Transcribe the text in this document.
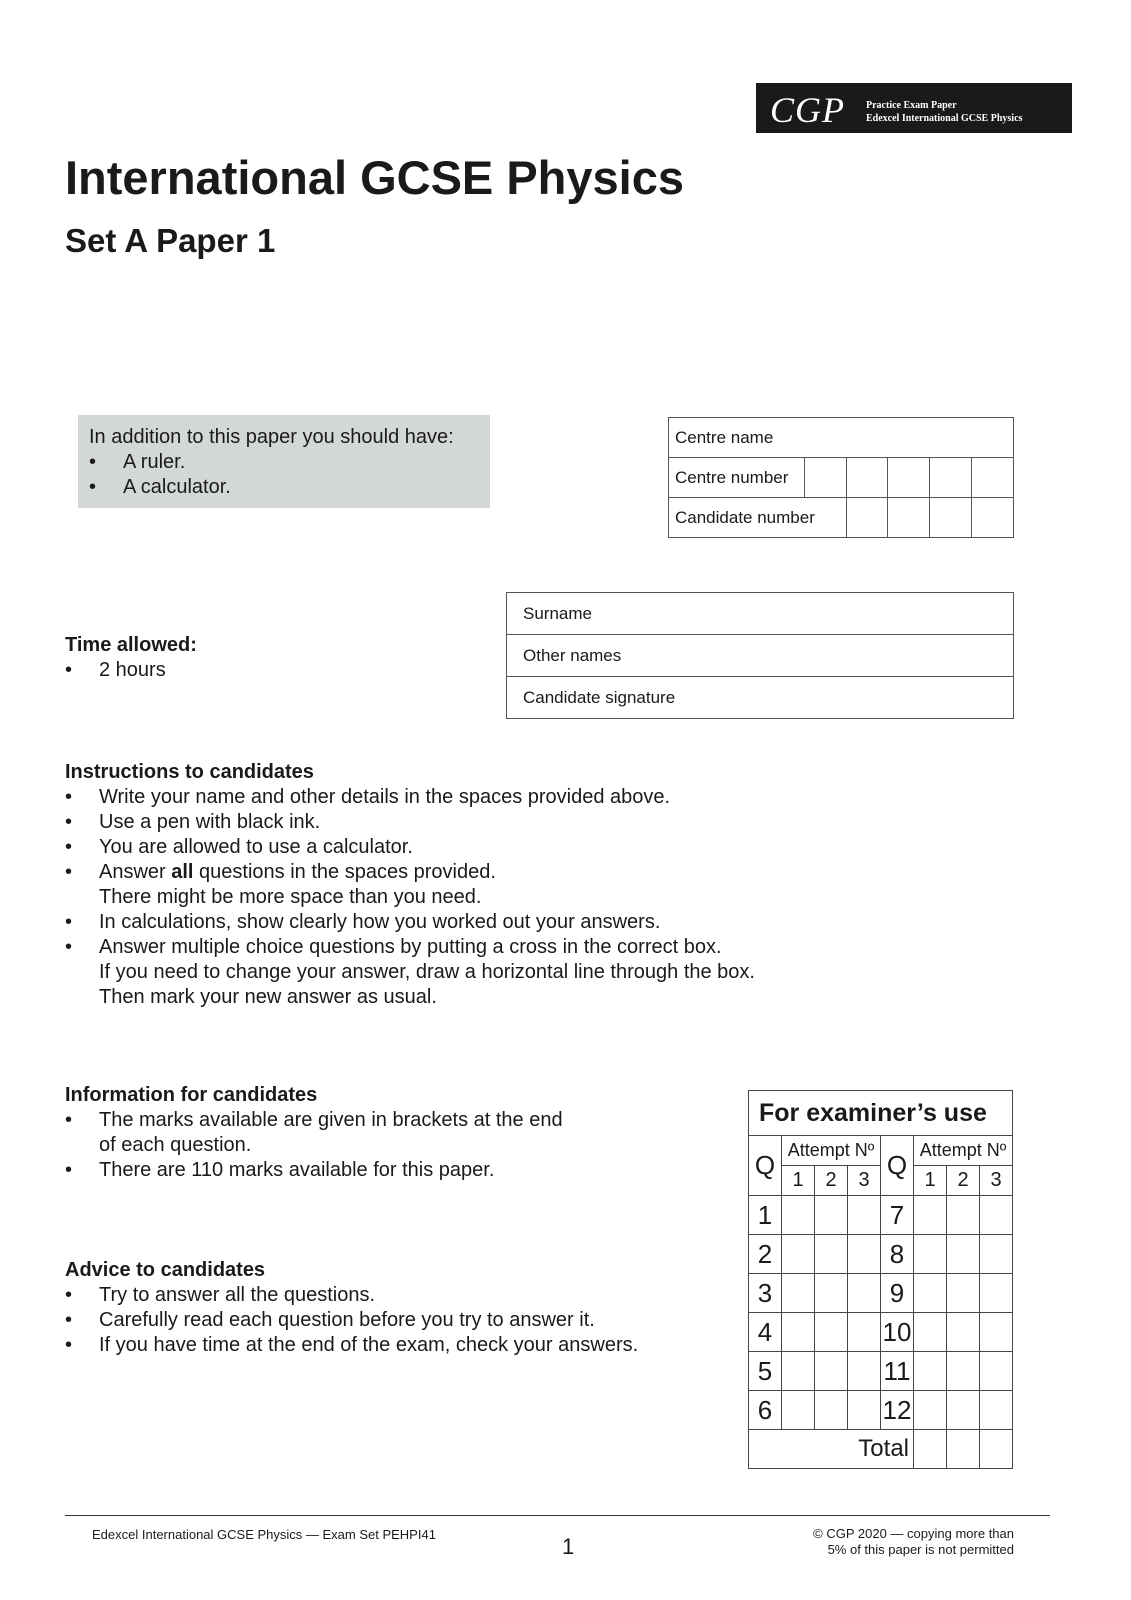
CGP Practice Exam Paper
Edexcel International GCSE Physics
International GCSE Physics
Set A Paper 1
In addition to this paper you should have:
• A ruler.
• A calculator.
Centre name					
Centre number					
Candidate number					
Surname
Other names
Candidate signature
Time allowed:
• 2 hours
Instructions to candidates
• Write your name and other details in the spaces provided above.
• Use a pen with black ink.
• You are allowed to use a calculator.
• Answer all questions in the spaces provided.
There might be more space than you need.
• In calculations, show clearly how you worked out your answers.
• Answer multiple choice questions by putting a cross in the correct box.
If you need to change your answer, draw a horizontal line through the box.
Then mark your new answer as usual.
Information for candidates
• The marks available are given in brackets at the end
of each question.
• There are 110 marks available for this paper.
Advice to candidates
• Try to answer all the questions.
• Carefully read each question before you try to answer it.
• If you have time at the end of the exam, check your answers.
For examiner’s use							
Q	Attempt Nº			Q	Attempt Nº		
	1	2	3		1	2	3
1				7			
2				8			
3				9			
4				10			
5				11			
6				12			
Total							
Edexcel International GCSE Physics — Exam Set PEHPI41	1
© CGP 2020 — copying more than
5% of this paper is not permitted
